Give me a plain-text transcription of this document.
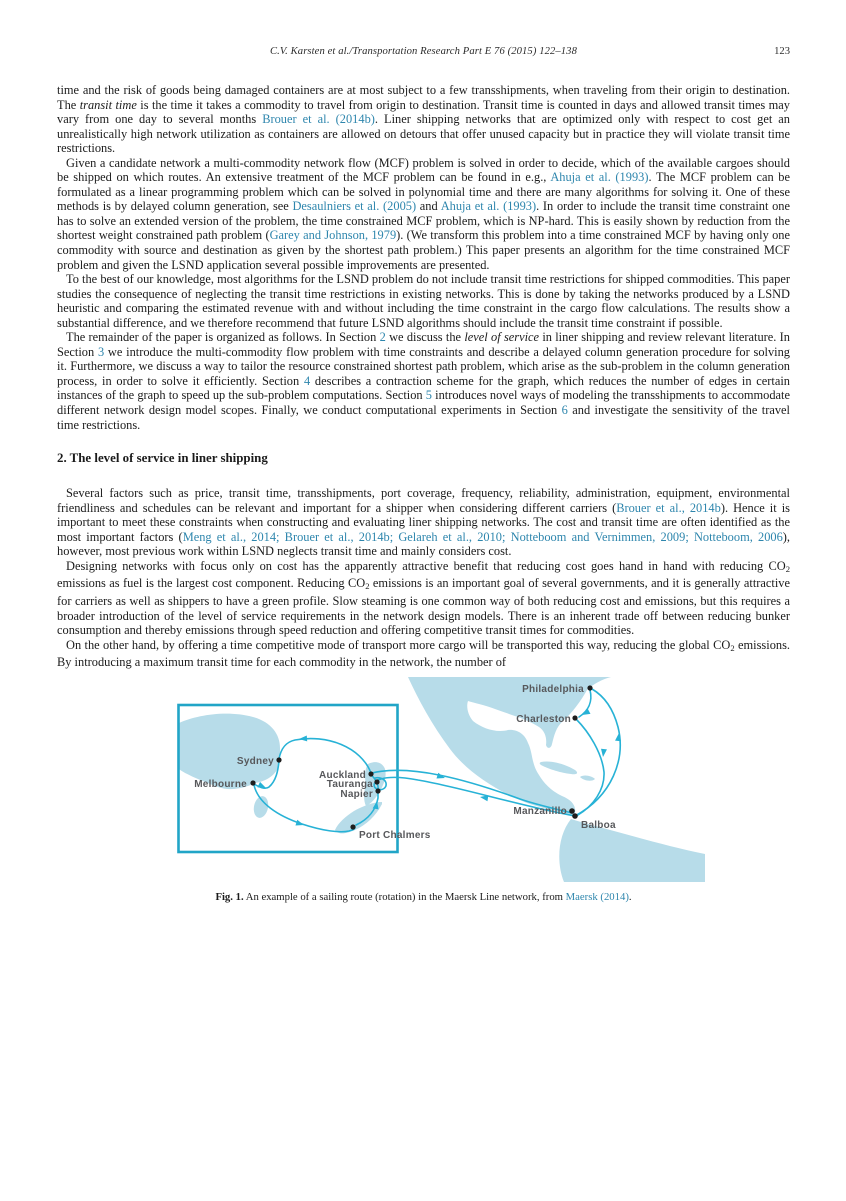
C.V. Karsten et al./Transportation Research Part E 76 (2015) 122–138	123

time and the risk of goods being damaged containers are at most subject to a few transshipments, when traveling from their origin to destination. The transit time is the time it takes a commodity to travel from origin to destination. Transit time is counted in days and allowed transit times may vary from one day to several months Brouer et al. (2014b). Liner shipping networks that are optimized only with respect to cost get an unrealistically high network utilization as containers are allowed on detours that offer unused capacity but in practice they will violate transit time restrictions.

Given a candidate network a multi-commodity network flow (MCF) problem is solved in order to decide, which of the available cargoes should be shipped on which routes. An extensive treatment of the MCF problem can be found in e.g., Ahuja et al. (1993). The MCF problem can be formulated as a linear programming problem which can be solved in polynomial time and there are many algorithms for solving it. One of these methods is by delayed column generation, see Desaulniers et al. (2005) and Ahuja et al. (1993). In order to include the transit time constraint one has to solve an extended version of the problem, the time constrained MCF problem, which is NP-hard. This is easily shown by reduction from the shortest weight constrained path problem (Garey and Johnson, 1979). (We transform this problem into a time constrained MCF by having only one commodity with source and destination as given by the shortest path problem.) This paper presents an algorithm for the time constrained MCF problem and given the LSND application several possible improvements are presented.

To the best of our knowledge, most algorithms for the LSND problem do not include transit time restrictions for shipped commodities. This paper studies the consequence of neglecting the transit time restrictions in existing networks. This is done by taking the networks produced by a LSND heuristic and comparing the estimated revenue with and without including the time constraint in the cargo flow calculations. The results show a substantial difference, and we therefore recommend that future LSND algorithms should include the transit time constraint if possible.

The remainder of the paper is organized as follows. In Section 2 we discuss the level of service in liner shipping and review relevant literature. In Section 3 we introduce the multi-commodity flow problem with time constraints and describe a delayed column generation procedure for solving it. Furthermore, we discuss a way to tailor the resource constrained shortest path problem, which arise as the sub-problem in the column generation process, in order to solve it efficiently. Section 4 describes a contraction scheme for the graph, which reduces the number of edges in certain instances of the graph to speed up the sub-problem computations. Section 5 introduces novel ways of modeling the transshipments to accommodate different network design model scopes. Finally, we conduct computational experiments in Section 6 and investigate the sensitivity of the travel time restrictions.

2. The level of service in liner shipping

Several factors such as price, transit time, transshipments, port coverage, frequency, reliability, administration, equipment, environmental friendliness and schedules can be relevant and important for a shipper when considering different carriers (Brouer et al., 2014b). Hence it is important to meet these constraints when constructing and evaluating liner shipping networks. The cost and transit time are often identified as the most important factors (Meng et al., 2014; Brouer et al., 2014b; Gelareh et al., 2010; Notteboom and Vernimmen, 2009; Notteboom, 2006), however, most previous work within LSND neglects transit time and mainly considers cost.

Designing networks with focus only on cost has the apparently attractive benefit that reducing cost goes hand in hand with reducing CO2 emissions as fuel is the largest cost component. Reducing CO2 emissions is an important goal of several governments, and it is generally attractive for carriers as well as shippers to have a green profile. Slow steaming is one common way of both reducing cost and emissions, but this requires a broader introduction of the level of service requirements in the network design models. There is an inherent trade off between reducing bunker consumption and thereby emissions through speed reduction and offering competitive transit times for commodities.

On the other hand, by offering a time competitive mode of transport more cargo will be transported this way, reducing the global CO2 emissions. By introducing a maximum transit time for each commodity in the network, the number of

Philadelphia
Charleston
Sydney
Melbourne
Auckland
Tauranga
Napier
Port Chalmers
Manzanillo
Balboa
Fig. 1. An example of a sailing route (rotation) in the Maersk Line network, from Maersk (2014).
